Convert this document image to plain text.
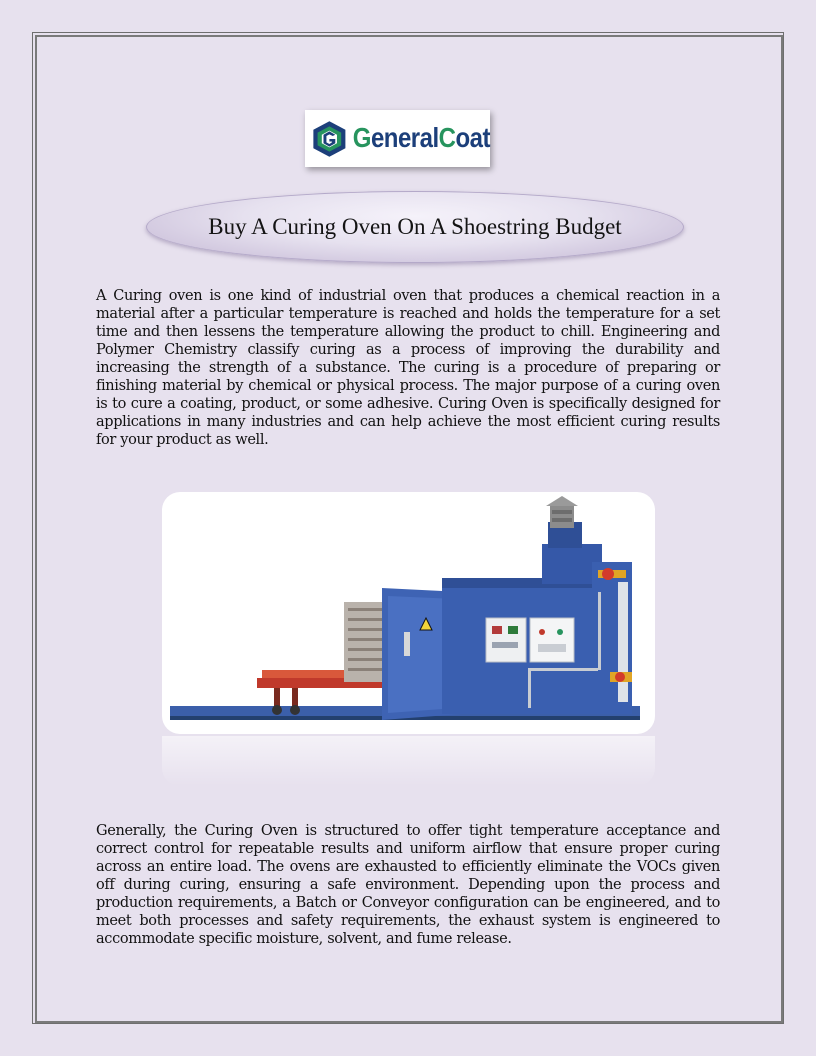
GeneralCoat
Buy A Curing Oven On A Shoestring Budget

A Curing oven is one kind of industrial oven that produces a chemical reaction in a material after a particular temperature is reached and holds the temperature for a set time and then lessens the temperature allowing the product to chill. Engineering and Polymer Chemistry classify curing as a process of improving the durability and increasing the strength of a substance. The curing is a procedure of preparing or finishing material by chemical or physical process. The major purpose of a curing oven is to cure a coating, product, or some adhesive. Curing Oven is specifically designed for applications in many industries and can help achieve the most efficient curing results for your product as well.

Generally, the Curing Oven is structured to offer tight temperature acceptance and correct control for repeatable results and uniform airflow that ensure proper curing across an entire load. The ovens are exhausted to efficiently eliminate the VOCs given off during curing, ensuring a safe environment. Depending upon the process and production requirements, a Batch or Conveyor configuration can be engineered, and to meet both processes and safety requirements, the exhaust system is engineered to accommodate specific moisture, solvent, and fume release.
